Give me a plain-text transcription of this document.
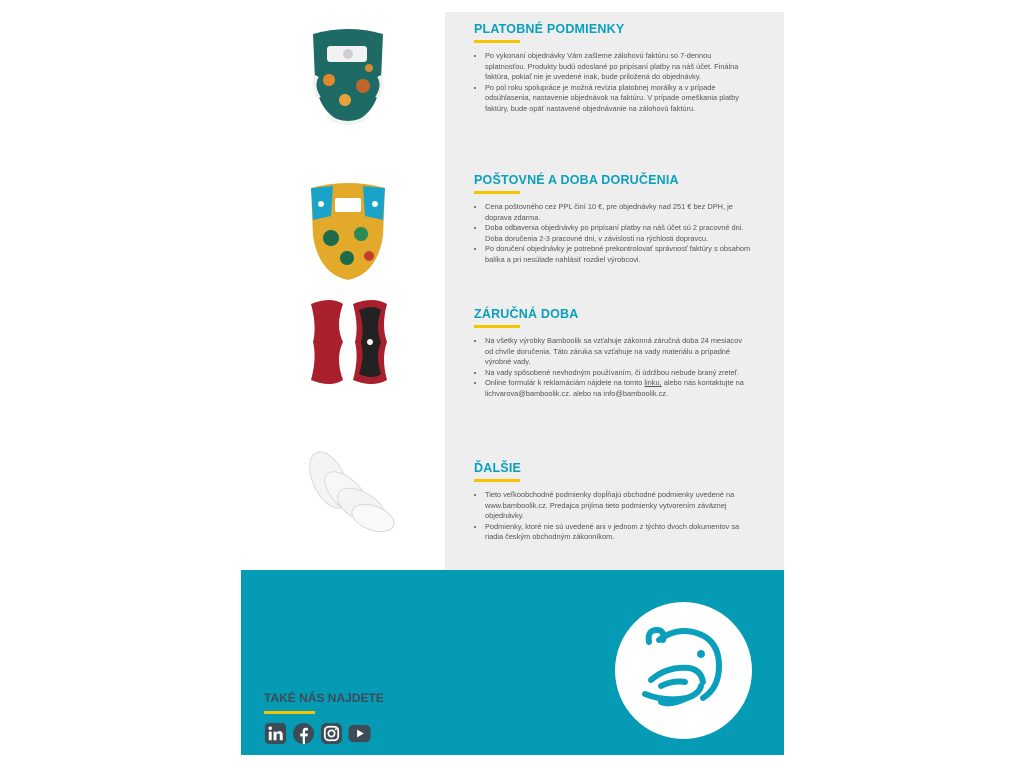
PLATOBNÉ PODMIENKY
• Po vykonaní objednávky Vám zašleme zálohovú faktúru so 7-dennou splatnosťou. Produkty budú odoslané po pripísaní platby na náš účet. Finálna faktúra, pokiaľ nie je uvedené inak, bude priložená do objednávky.
• Po pol roku spolupráce je možná revízia platobnej morálky a v prípade odsúhlasenia, nastavenie objednávok na faktúru. V prípade omeškania platby faktúry, bude opäť nastavené objednávanie na zálohovú faktúru.
POŠTOVNÉ A DOBA DORUČENIA
• Cena poštovného cez PPL činí 10 €, pre objednávky nad 251 € bez DPH, je doprava zdarma.
• Doba odbavenia objednávky po pripísaní platby na náš účet sú 2 pracovné dni. Doba doručenia 2-3 pracovné dni, v závislosti na rýchlosti dopravcu.
• Po doručení objednávky je potrebné prekontrolovať správnosť faktúry s obsahom balíka a pri nesúlade nahlásiť rozdiel výrobcovi.
ZÁRUČNÁ DOBA
• Na všetky výrobky Bamboolik sa vzťahuje zákonná záručná doba 24 mesiacov od chvíle doručenia. Táto záruka sa vzťahuje na vady materiálu a prípadné výrobné vady.
• Na vady spôsobené nevhodným používaním, či údržbou nebude braný zreteľ.
• Online formulár k reklamáciám nájdete na tomto linku, alebo nás kontaktujte na lichvarova@bamboolik.cz. alebo na info@bamboolik.cz.
ĎALŠIE
• Tieto veľkoobchodné podmienky dopĺňajú obchodné podmienky uvedené na www.bamboolik.cz. Predajca prijíma tieto podmienky vytvorením záväznej objednávky.
• Podmienky, ktoré nie sú uvedené ani v jednom z týchto dvoch dokumentov sa riadia českým obchodným zákonníkom.
TAKÉ NÁS NAJDETE
